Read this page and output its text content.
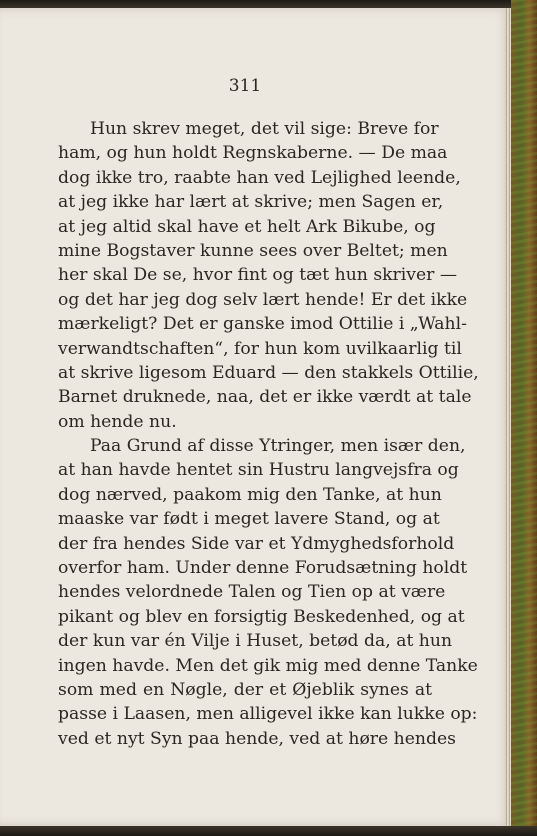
311
Hun skrev meget, det vil sige: Breve for
ham, og hun holdt Regnskaberne. — De maa
dog ikke tro, raabte han ved Lejlighed leende,
at jeg ikke har lært at skrive; men Sagen er,
at jeg altid skal have et helt Ark Bikube, og
mine Bogstaver kunne sees over Beltet; men
her skal De se, hvor fint og tæt hun skriver —
og det har jeg dog selv lært hende! Er det ikke
mærkeligt? Det er ganske imod Ottilie i „Wahl-
verwandtschaften“, for hun kom uvilkaarlig til
at skrive ligesom Eduard — den stakkels Ottilie,
Barnet druknede, naa, det er ikke værdt at tale
om hende nu.
Paa Grund af disse Ytringer, men især den,
at han havde hentet sin Hustru langvejsfra og
dog nærved, paakom mig den Tanke, at hun
maaske var født i meget lavere Stand, og at
der fra hendes Side var et Ydmyghedsforhold
overfor ham. Under denne Forudsætning holdt
hendes velordnede Talen og Tien op at være
pikant og blev en forsigtig Beskedenhed, og at
der kun var én Vilje i Huset, betød da, at hun
ingen havde. Men det gik mig med denne Tanke
som med en Nøgle, der et Øjeblik synes at
passe i Laasen, men alligevel ikke kan lukke op:
ved et nyt Syn paa hende, ved at høre hendes
